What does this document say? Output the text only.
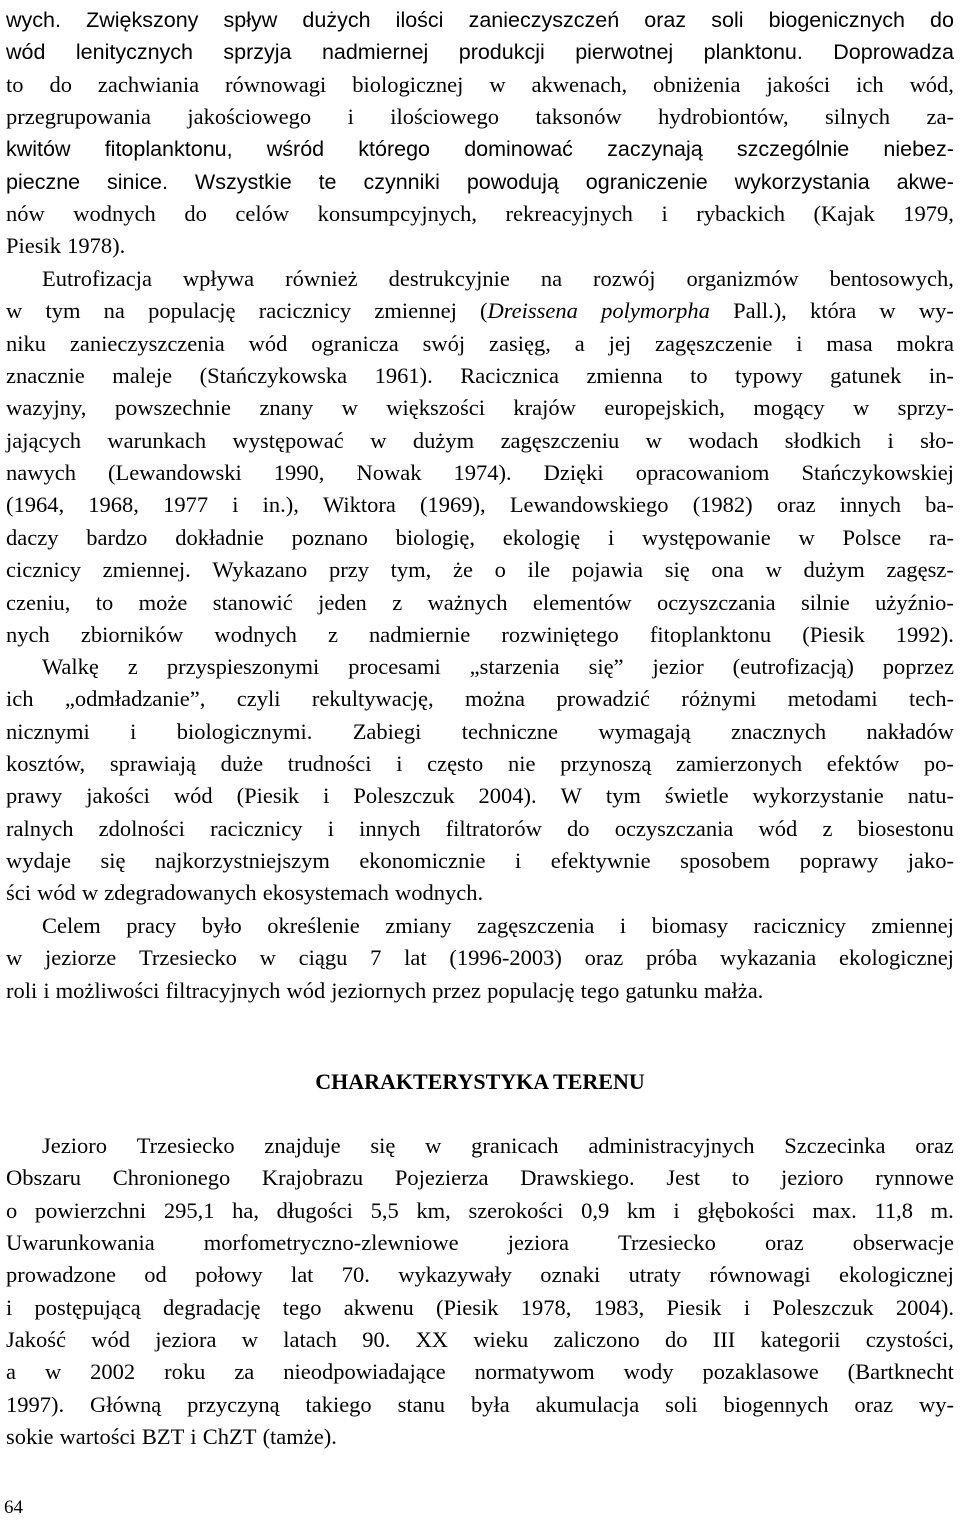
wych. Zwiększony spływ dużych ilości zanieczyszczeń oraz soli biogenicznych do
wód lenitycznych sprzyja nadmiernej produkcji pierwotnej planktonu. Doprowadza
to do zachwiania równowagi biologicznej w akwenach, obniżenia jakości ich wód,
przegrupowania jakościowego i ilościowego taksonów hydrobiontów, silnych za-
kwitów fitoplanktonu, wśród którego dominować zaczynają szczególnie niebez-
pieczne sinice. Wszystkie te czynniki powodują ograniczenie wykorzystania akwe-
nów wodnych do celów konsumpcyjnych, rekreacyjnych i rybackich (Kajak 1979,
Piesik 1978).
Eutrofizacja wpływa również destrukcyjnie na rozwój organizmów bentosowych,
w tym na populację racicznicy zmiennej (Dreissena polymorpha Pall.), która w wy-
niku zanieczyszczenia wód ogranicza swój zasięg, a jej zagęszczenie i masa mokra
znacznie maleje (Stańczykowska 1961). Racicznica zmienna to typowy gatunek in-
wazyjny, powszechnie znany w większości krajów europejskich, mogący w sprzy-
jających warunkach występować w dużym zagęszczeniu w wodach słodkich i sło-
nawych (Lewandowski 1990, Nowak 1974). Dzięki opracowaniom Stańczykowskiej
(1964, 1968, 1977 i in.), Wiktora (1969), Lewandowskiego (1982) oraz innych ba-
daczy bardzo dokładnie poznano biologię, ekologię i występowanie w Polsce ra-
cicznicy zmiennej. Wykazano przy tym, że o ile pojawia się ona w dużym zagęsz-
czeniu, to może stanowić jeden z ważnych elementów oczyszczania silnie użyźnio-
nych zbiorników wodnych z nadmiernie rozwiniętego fitoplanktonu (Piesik 1992).
Walkę z przyspieszonymi procesami „starzenia się” jezior (eutrofizacją) poprzez
ich „odmładzanie”, czyli rekultywację, można prowadzić różnymi metodami tech-
nicznymi i biologicznymi. Zabiegi techniczne wymagają znacznych nakładów
kosztów, sprawiają duże trudności i często nie przynoszą zamierzonych efektów po-
prawy jakości wód (Piesik i Poleszczuk 2004). W tym świetle wykorzystanie natu-
ralnych zdolności racicznicy i innych filtratorów do oczyszczania wód z biosestonu
wydaje się najkorzystniejszym ekonomicznie i efektywnie sposobem poprawy jako-
ści wód w zdegradowanych ekosystemach wodnych.
Celem pracy było określenie zmiany zagęszczenia i biomasy racicznicy zmiennej
w jeziorze Trzesiecko w ciągu 7 lat (1996-2003) oraz próba wykazania ekologicznej
roli i możliwości filtracyjnych wód jeziornych przez populację tego gatunku małża.
Jezioro Trzesiecko znajduje się w granicach administracyjnych Szczecinka oraz
Obszaru Chronionego Krajobrazu Pojezierza Drawskiego. Jest to jezioro rynnowe
o powierzchni 295,1 ha, długości 5,5 km, szerokości 0,9 km i głębokości max. 11,8 m.
Uwarunkowania morfometryczno-zlewniowe jeziora Trzesiecko oraz obserwacje
prowadzone od połowy lat 70. wykazywały oznaki utraty równowagi ekologicznej
i postępującą degradację tego akwenu (Piesik 1978, 1983, Piesik i Poleszczuk 2004).
Jakość wód jeziora w latach 90. XX wieku zaliczono do III kategorii czystości,
a w 2002 roku za nieodpowiadające normatywom wody pozaklasowe (Bartknecht
1997). Główną przyczyną takiego stanu była akumulacja soli biogennych oraz wy-
sokie wartości BZT i ChZT (tamże).
CHARAKTERYSTYKA TERENU
64
